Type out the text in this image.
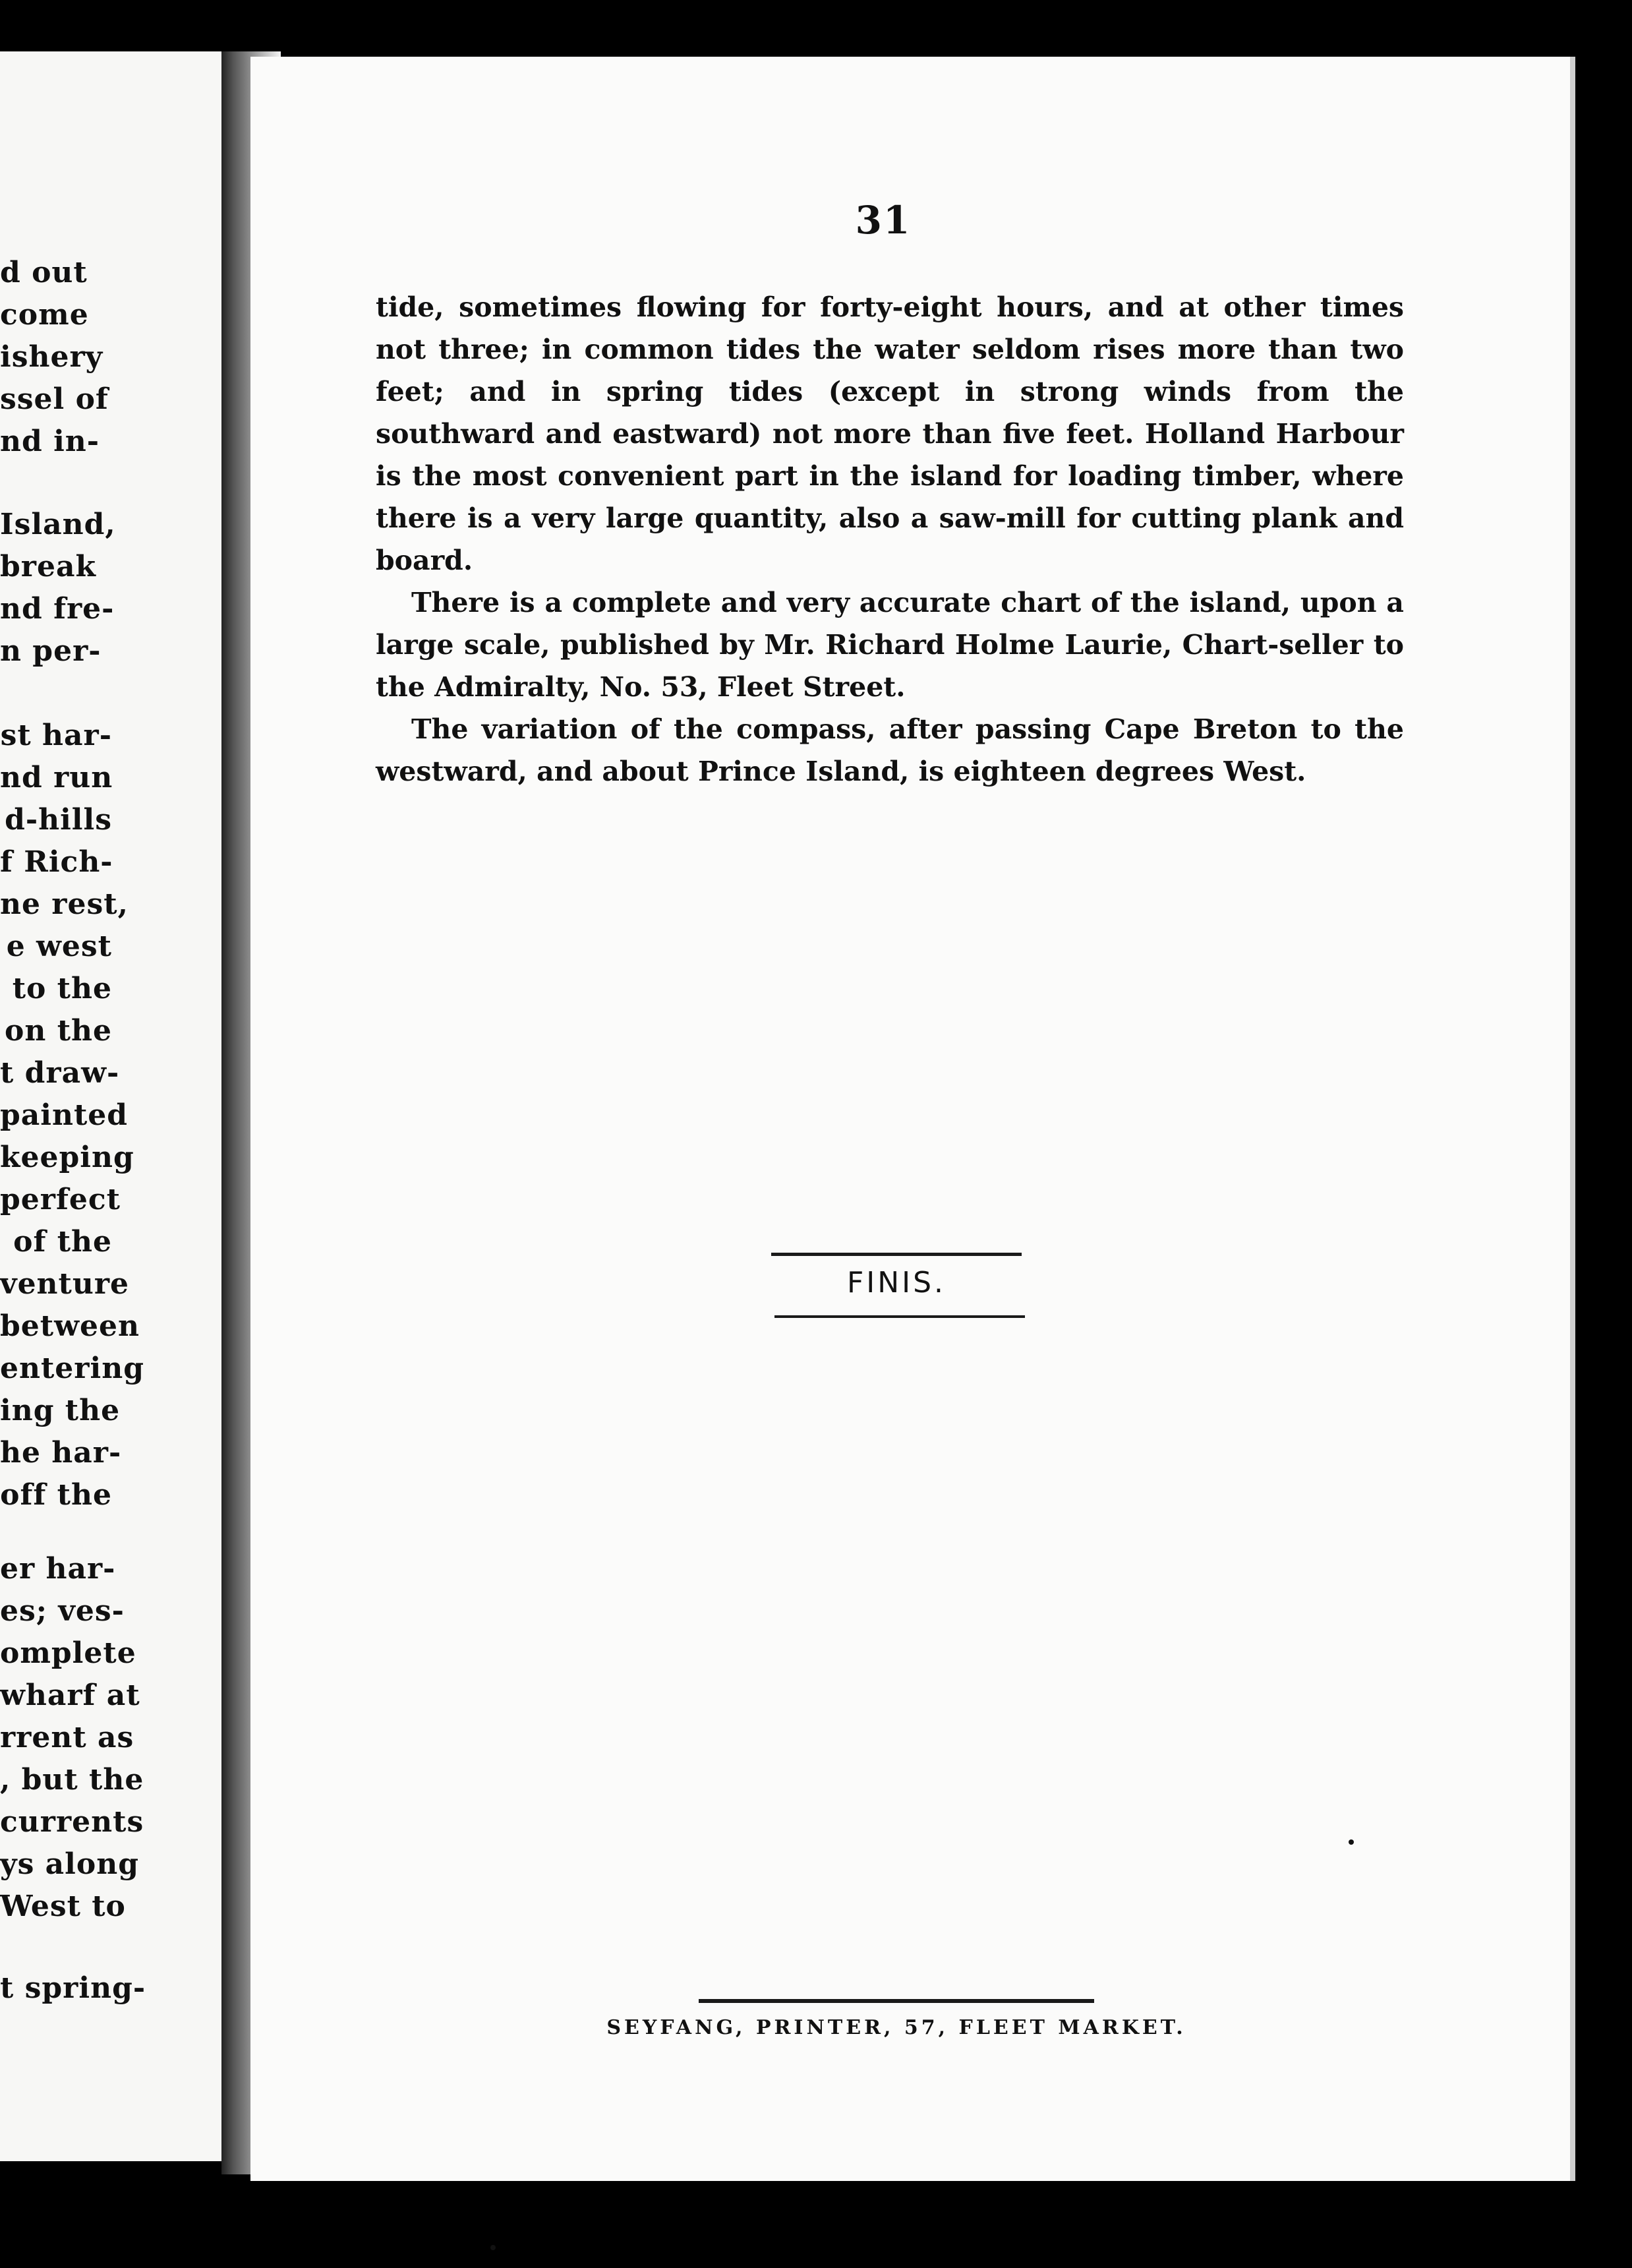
d out
come
ishery
ssel of
nd in-
Island,
break
nd fre-
n per-
st har-
nd run
d-hills
f Rich-
ne rest,
e west
to the
on the
t draw-
painted
keeping
perfect
of the
venture
between
entering
ing the
he har-
off the
er har-
es; ves-
omplete
wharf at
rrent as
, but the
currents
ys along
West to
t spring-
31

tide, sometimes flowing for forty-eight hours, and at other times not three; in common tides the water seldom rises more than two feet; and in spring tides (except in strong winds from the southward and eastward) not more than five feet. Holland Harbour is the most convenient part in the island for loading timber, where there is a very large quantity, also a saw-mill for cutting plank and board.

There is a complete and very accurate chart of the island, upon a large scale, published by Mr. Richard Holme Laurie, Chart-seller to the Admiralty, No. 53, Fleet Street.

The variation of the compass, after passing Cape Breton to the westward, and about Prince Island, is eighteen degrees West.

FINIS.
SEYFANG, PRINTER, 57, FLEET MARKET.
